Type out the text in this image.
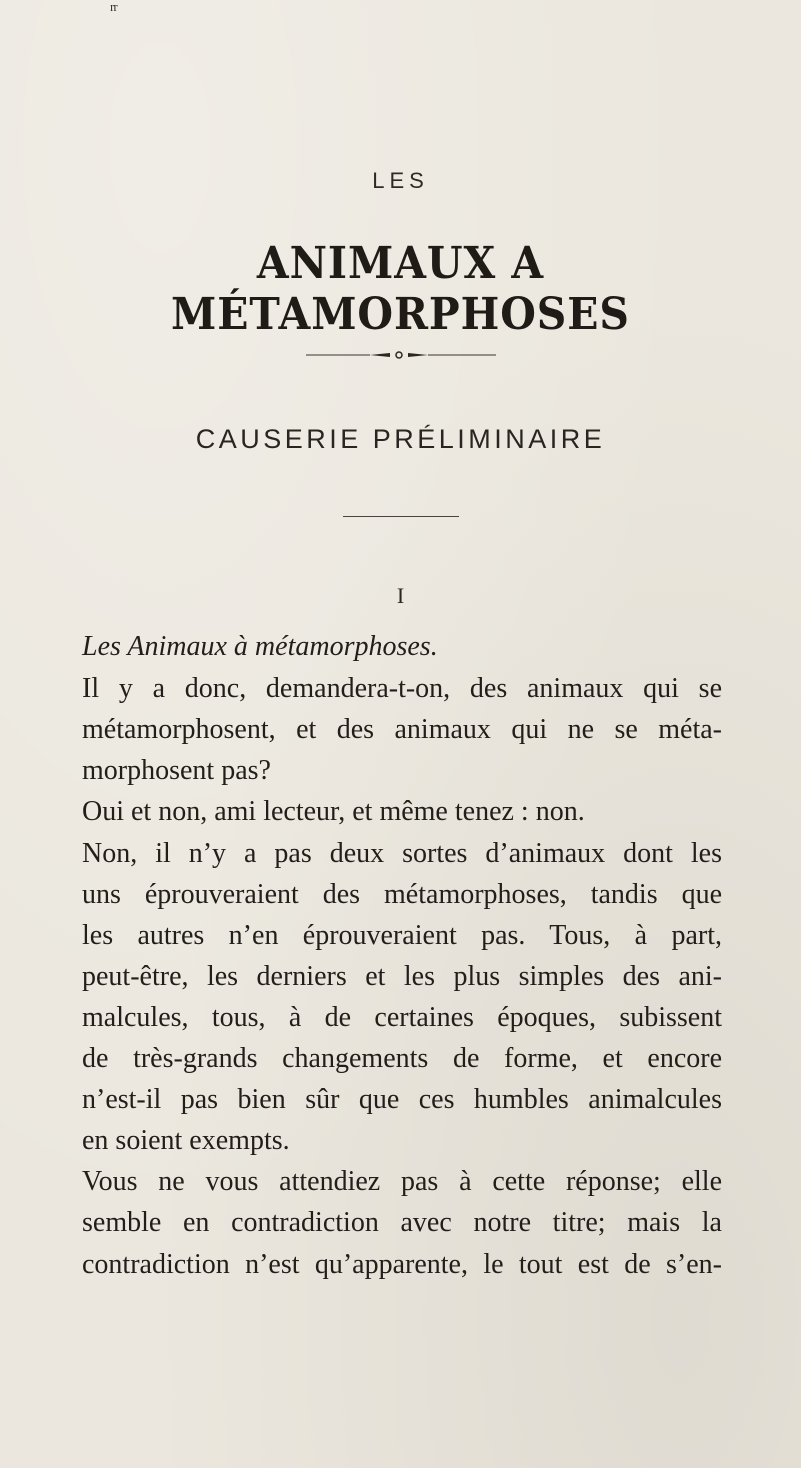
rr
LES
ANIMAUX A MÉTAMORPHOSES
CAUSERIE PRÉLIMINAIRE
I
Les Animaux à métamorphoses.
Il y a donc, demandera-t-on, des animaux qui se
métamorphosent, et des animaux qui ne se méta-
morphosent pas?
Oui et non, ami lecteur, et même tenez : non.
Non, il n’y a pas deux sortes d’animaux dont les
uns éprouveraient des métamorphoses, tandis que
les autres n’en éprouveraient pas. Tous, à part,
peut-être, les derniers et les plus simples des ani-
malcules, tous, à de certaines époques, subissent
de très-grands changements de forme, et encore
n’est-il pas bien sûr que ces humbles animalcules
en soient exempts.
Vous ne vous attendiez pas à cette réponse; elle
semble en contradiction avec notre titre; mais la
contradiction n’est qu’apparente, le tout est de s’en-
